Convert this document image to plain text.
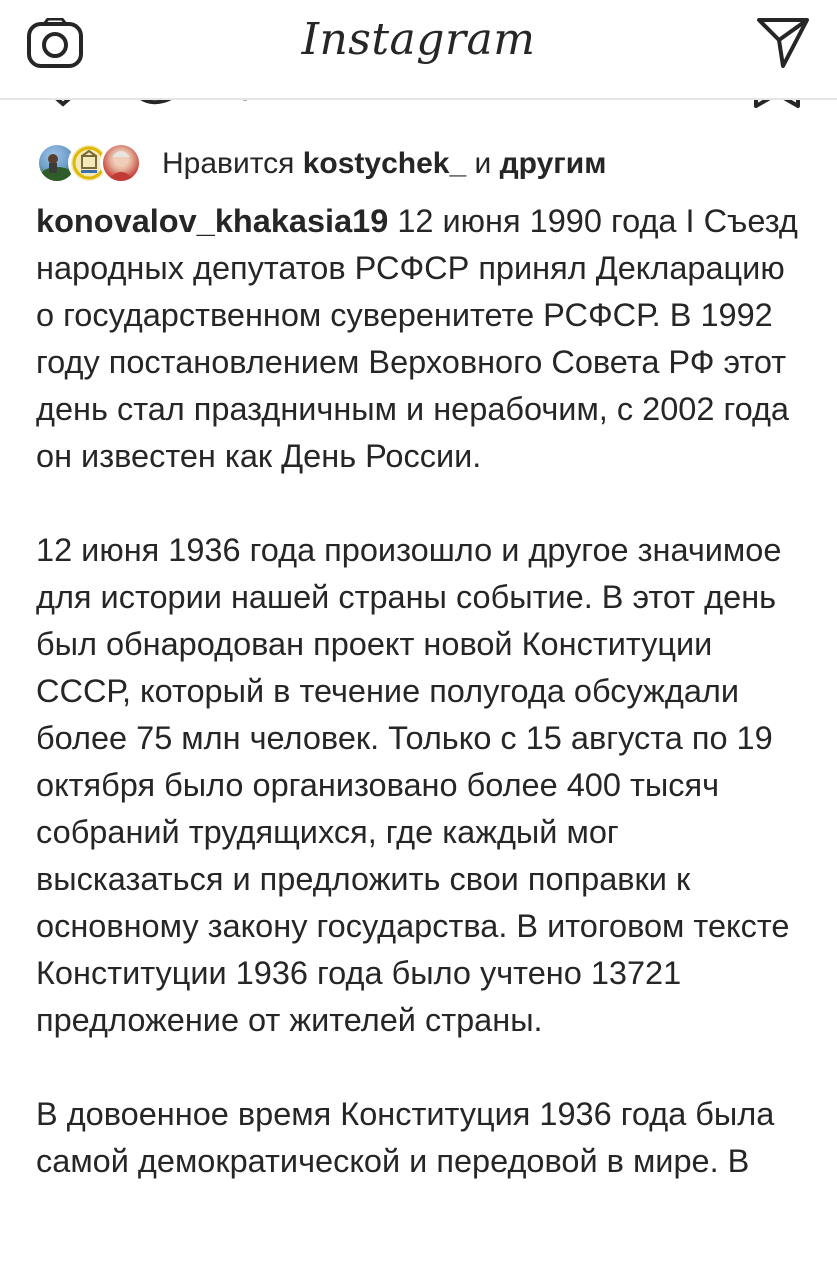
Instagram
Нравится kostychek_ и другим

konovalov_khakasia19 12 июня 1990 года I Съезд народных депутатов РСФСР принял Декларацию о государственном суверенитете РСФСР. В 1992 году постановлением Верховного Совета РФ этот день стал праздничным и нерабочим, с 2002 года он известен как День России.

12 июня 1936 года произошло и другое значимое для истории нашей страны событие. В этот день был обнародован проект новой Конституции СССР, который в течение полугода обсуждали более 75 млн человек. Только с 15 августа по 19 октября было организовано более 400 тысяч собраний трудящихся, где каждый мог высказаться и предложить свои поправки к основному закону государства. В итоговом тексте Конституции 1936 года было учтено 13721 предложение от жителей страны.

В довоенное время Конституция 1936 года была самой демократической и передовой в мире. В
